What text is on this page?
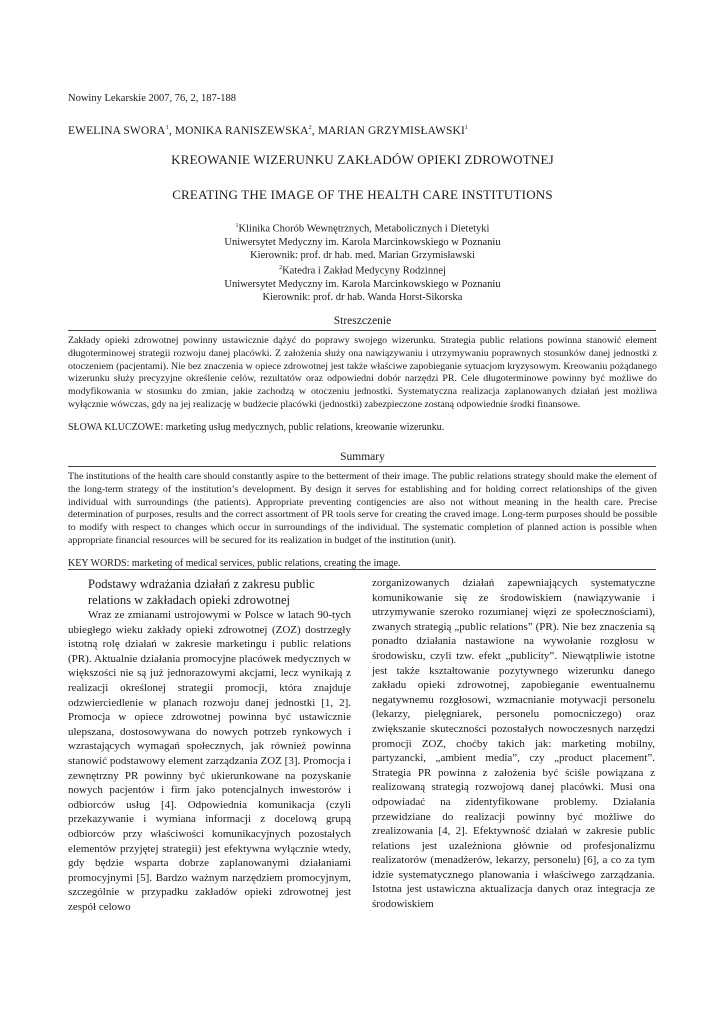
Nowiny Lekarskie 2007, 76, 2, 187-188
EWELINA SWORA$^1$, MONIKA RANISZEWSKA$^2$, MARIAN GRZYMISŁAWSKI$^1$
KREOWANIE WIZERUNKU ZAKŁADÓW OPIEKI ZDROWOTNEJ
CREATING THE IMAGE OF THE HEALTH CARE INSTITUTIONS
$^1$Klinika Chorób Wewnętrznych, Metabolicznych i Dietetyki
Uniwersytet Medyczny im. Karola Marcinkowskiego w Poznaniu
Kierownik: prof. dr hab. med. Marian Grzymisławski
$^2$Katedra i Zakład Medycyny Rodzinnej
Uniwersytet Medyczny im. Karola Marcinkowskiego w Poznaniu
Kierownik: prof. dr hab. Wanda Horst-Sikorska
Streszczenie
Zakłady opieki zdrowotnej powinny ustawicznie dążyć do poprawy swojego wizerunku. Strategia public relations powinna stanowić element długoterminowej strategii rozwoju danej placówki. Z założenia służy ona nawiązywaniu i utrzymywaniu poprawnych stosunków danej jednostki z otoczeniem (pacjentami). Nie bez znaczenia w opiece zdrowotnej jest także właściwe zapobieganie sytuacjom kryzysowym. Kreowaniu pożądanego wizerunku służy precyzyjne określenie celów, rezultatów oraz odpowiedni dobór narzędzi PR. Cele długoterminowe powinny być możliwe do modyfikowania w stosunku do zmian, jakie zachodzą w otoczeniu jednostki. Systematyczna realizacja zaplanowanych działań jest możliwa wyłącznie wówczas, gdy na jej realizację w budżecie placówki (jednostki) zabezpieczone zostaną odpowiednie środki finansowe.
SŁOWA KLUCZOWE: marketing usług medycznych, public relations, kreowanie wizerunku.
Summary
The institutions of the health care should constantly aspire to the betterment of their image. The public relations strategy should make the element of the long-term strategy of the institution’s development. By design it serves for establishing and for holding correct relationships of the given individual with surroundings (the patients). Appropriate preventing contigencies are also not without meaning in the health care. Precise determination of purposes, results and the correct assortment of PR tools serve for creating the craved image. Long-term purposes should be possible to modify with respect to changes which occur in surroundings of the individual. The systematic completion of planned action is possible when appropriate financial resources will be secured for its realization in budget of the institution (unit).
KEY WORDS: marketing of medical services, public relations, creating the image.

Podstawy wdrażania działań z zakresu public relations w zakładach opieki zdrowotnej

Wraz ze zmianami ustrojowymi w Polsce w latach 90-tych ubiegłego wieku zakłady opieki zdrowotnej (ZOZ) dostrzegły istotną rolę działań w zakresie marketingu i public relations (PR). Aktualnie działania promocyjne placówek medycznych w większości nie są już jednorazowymi akcjami, lecz wynikają z realizacji określonej strategii promocji, która znajduje odzwierciedlenie w planach rozwoju danej jednostki [1, 2]. Promocja w opiece zdrowotnej powinna być ustawicznie ulepszana, dostosowywana do nowych potrzeb rynkowych i wzrastających wymagań społecznych, jak również powinna stanowić podstawowy element zarządzania ZOZ [3]. Promocja i zewnętrzny PR powinny być ukierunkowane na pozyskanie nowych pacjentów i firm jako potencjalnych inwestorów i odbiorców usług [4]. Odpowiednia komunikacja (czyli przekazywanie i wymiana informacji z docelową grupą odbiorców przy właściwości komunikacyjnych pozostałych elementów przyjętej strategii) jest efektywna wyłącznie wtedy, gdy będzie wsparta dobrze zaplanowanymi działaniami promocyjnymi [5]. Bardzo ważnym narzędziem promocyjnym, szczególnie w przypadku zakładów opieki zdrowotnej jest zespół celowo

zorganizowanych działań zapewniających systematyczne komunikowanie się ze środowiskiem (nawiązywanie i utrzymywanie szeroko rozumianej więzi ze społecznościami), zwanych strategią „public relations” (PR). Nie bez znaczenia są ponadto działania nastawione na wywołanie rozgłosu w środowisku, czyli tzw. efekt „publicity”. Niewątpliwie istotne jest także kształtowanie pozytywnego wizerunku danego zakładu opieki zdrowotnej, zapobieganie ewentualnemu negatywnemu rozgłosowi, wzmacnianie motywacji personelu (lekarzy, pielęgniarek, personelu pomocniczego) oraz zwiększanie skuteczności pozostałych nowoczesnych narzędzi promocji ZOZ, choćby takich jak: marketing mobilny, partyzancki, „ambient media”, czy „product placement”. Strategia PR powinna z założenia być ściśle powiązana z realizowaną strategią rozwojową danej placówki. Musi ona odpowiadać na zidentyfikowane problemy. Działania przewidziane do realizacji powinny być możliwe do zrealizowania [4, 2]. Efektywność działań w zakresie public relations jest uzależniona głównie od profesjonalizmu realizatorów (menadżerów, lekarzy, personelu) [6], a co za tym idzie systematycznego planowania i właściwego zarządzania. Istotna jest ustawiczna aktualizacja danych oraz integracja ze środowiskiem
